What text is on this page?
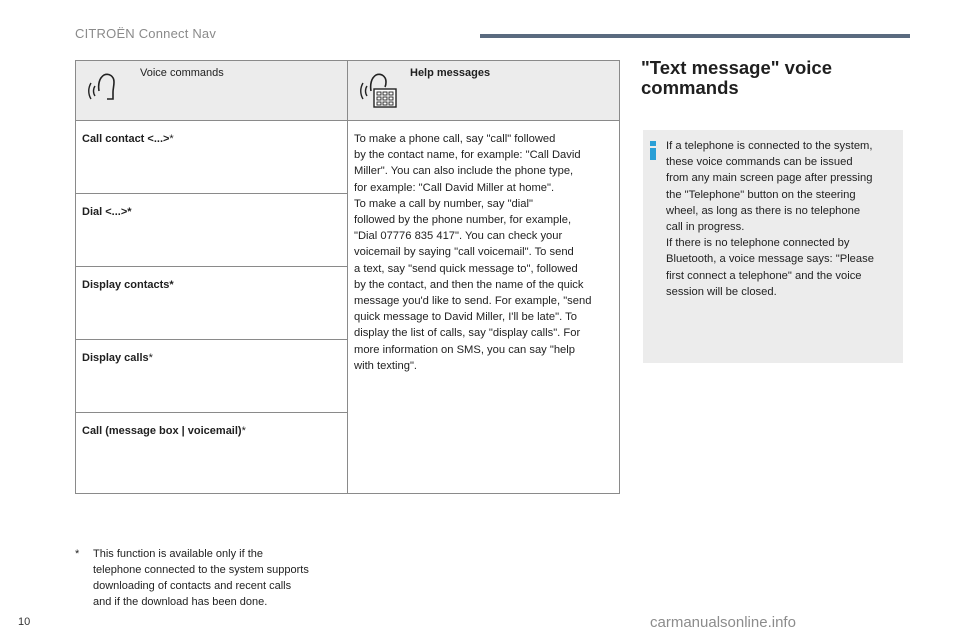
CITROËN Connect Nav
Voice commands
Call contact <...>*
Dial <...>*
Display contacts*
Display calls*
Call (message box | voicemail)*
Help messages
To make a phone call, say "call" followed
by the contact name, for example: "Call David
Miller". You can also include the phone type,
for example: "Call David Miller at home".
To make a call by number, say "dial"
followed by the phone number, for example,
"Dial 07776 835 417". You can check your
voicemail by saying "call voicemail". To send
a text, say "send quick message to", followed
by the contact, and then the name of the quick
message you'd like to send. For example, "send
quick message to David Miller, I'll be late". To
display the list of calls, say "display calls". For
more information on SMS, you can say "help
with texting".
*	This function is available only if the
telephone connected to the system supports
downloading of contacts and recent calls
and if the download has been done.
"Text message" voice
commands
If a telephone is connected to the system,
these voice commands can be issued
from any main screen page after pressing
the "Telephone" button on the steering
wheel, as long as there is no telephone
call in progress.
If there is no telephone connected by
Bluetooth, a voice message says: "Please
first connect a telephone" and the voice
session will be closed.
10	carmanualsonline.info
